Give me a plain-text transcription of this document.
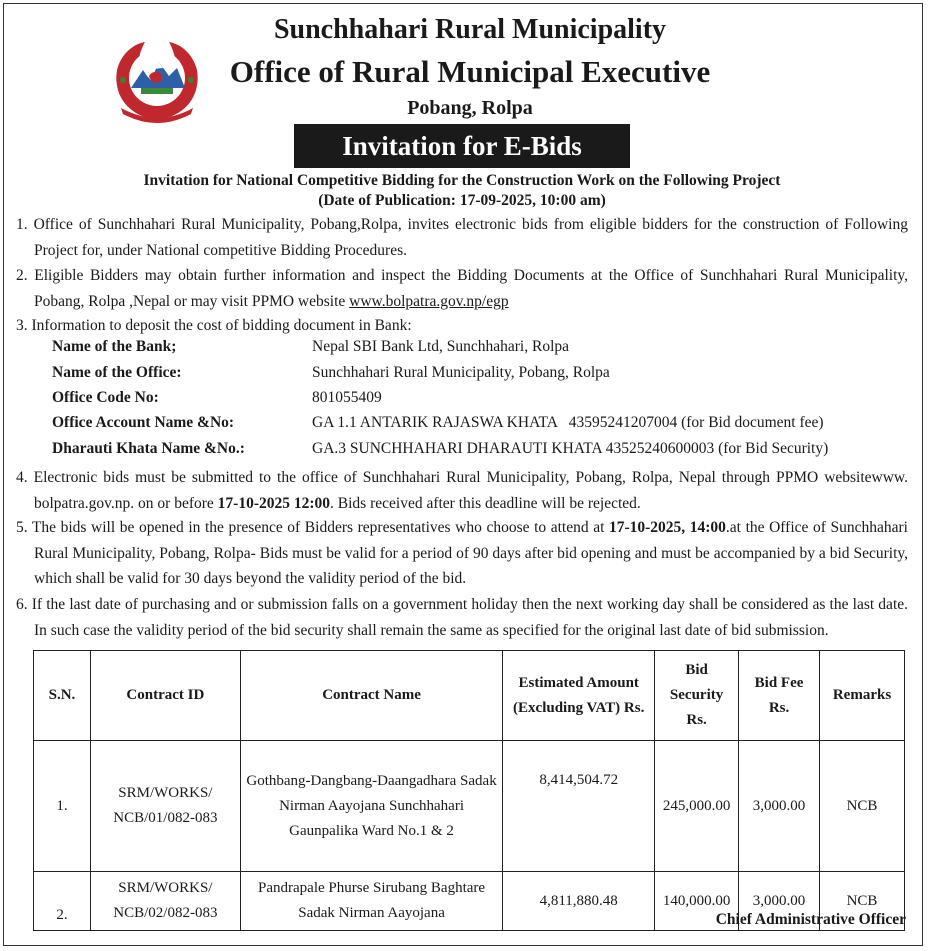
Sunchhahari Rural Municipality
Office of Rural Municipal Executive
Pobang, Rolpa
Invitation for E-Bids
Invitation for National Competitive Bidding for the Construction Work on the Following Project
(Date of Publication: 17-09-2025, 10:00 am)
1. Office of Sunchhahari Rural Municipality, Pobang,Rolpa, invites electronic bids from eligible bidders for the construction of Following Project for, under National competitive Bidding Procedures.
2. Eligible Bidders may obtain further information and inspect the Bidding Documents at the Office of Sunchhahari Rural Municipality, Pobang, Rolpa ,Nepal or may visit PPMO website www.bolpatra.gov.np/egp
3. Information to deposit the cost of bidding document in Bank:
Name of the Bank;	Nepal SBI Bank Ltd, Sunchhahari, Rolpa
Name of the Office:	Sunchhahari Rural Municipality, Pobang, Rolpa
Office Code No:	801055409
Office Account Name &No:	GA 1.1 ANTARIK RAJASWA KHATA   43595241207004 (for Bid document fee)
Dharauti Khata Name &No.:	GA.3 SUNCHHAHARI DHARAUTI KHATA 43525240600003 (for Bid Security)
4. Electronic bids must be submitted to the office of Sunchhahari Rural Municipality, Pobang, Rolpa, Nepal through PPMO websitewww. bolpatra.gov.np. on or before 17-10-2025 12:00. Bids received after this deadline will be rejected.
5. The bids will be opened in the presence of Bidders representatives who choose to attend at 17-10-2025, 14:00.at the Office of Sunchhahari Rural Municipality, Pobang, Rolpa- Bids must be valid for a period of 90 days after bid opening and must be accompanied by a bid Security, which shall be valid for 30 days beyond the validity period of the bid.
6. If the last date of purchasing and or submission falls on a government holiday then the next working day shall be considered as the last date. In such case the validity period of the bid security shall remain the same as specified for the original last date of bid submission.
S.N.	Contract ID	Contract Name	Estimated Amount (Excluding VAT) Rs.	Bid Security Rs.	Bid Fee Rs.	Remarks
1.	SRM/WORKS/ NCB/01/082-083	Gothbang-Dangbang-Daangadhara Sadak Nirman Aayojana Sunchhahari Gaunpalika Ward No.1 & 2	8,414,504.72	245,000.00	3,000.00	NCB
2.	SRM/WORKS/ NCB/02/082-083	Pandrapale Phurse Sirubang Baghtare Sadak Nirman Aayojana	4,811,880.48	140,000.00	3,000.00	NCB
Chief Administrative Officer
